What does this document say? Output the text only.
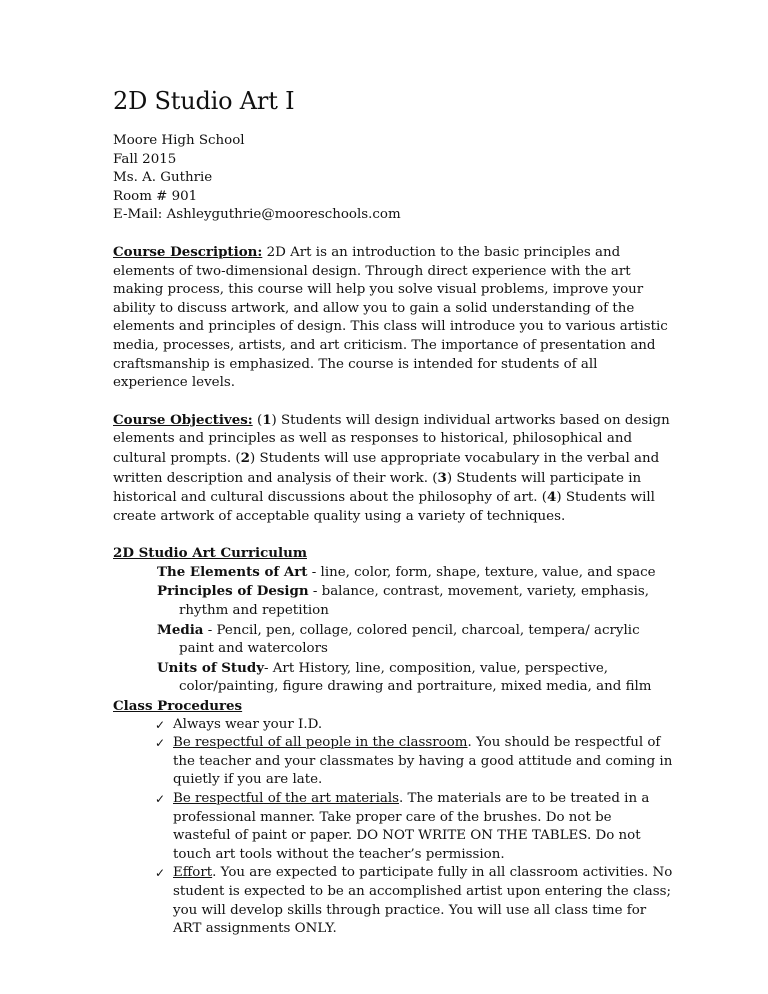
2D Studio Art I
Moore High School
Fall 2015
Ms. A. Guthrie
Room # 901
E-Mail: Ashleyguthrie@mooreschools.com

Course Description: 2D Art is an introduction to the basic principles and elements of two-dimensional design. Through direct experience with the art making process, this course will help you solve visual problems, improve your ability to discuss artwork, and allow you to gain a solid understanding of the elements and principles of design. This class will introduce you to various artistic media, processes, artists, and art criticism. The importance of presentation and craftsmanship is emphasized. The course is intended for students of all experience levels.

Course Objectives: (1) Students will design individual artworks based on design elements and principles as well as responses to historical, philosophical and cultural prompts. (2) Students will use appropriate vocabulary in the verbal and written description and analysis of their work. (3) Students will participate in historical and cultural discussions about the philosophy of art. (4) Students will create artwork of acceptable quality using a variety of techniques.

2D Studio Art Curriculum
The Elements of Art - line, color, form, shape, texture, value, and space
Principles of Design - balance, contrast, movement, variety, emphasis, rhythm and repetition
Media - Pencil, pen, collage, colored pencil, charcoal, tempera/ acrylic paint and watercolors
Units of Study- Art History, line, composition, value, perspective, color/painting, figure drawing and portraiture, mixed media, and film
Class Procedures
✓ Always wear your I.D.
✓ Be respectful of all people in the classroom. You should be respectful of the teacher and your classmates by having a good attitude and coming in quietly if you are late.
✓ Be respectful of the art materials. The materials are to be treated in a professional manner. Take proper care of the brushes. Do not be wasteful of paint or paper. DO NOT WRITE ON THE TABLES. Do not touch art tools without the teacher’s permission.
✓ Effort. You are expected to participate fully in all classroom activities. No student is expected to be an accomplished artist upon entering the class; you will develop skills through practice. You will use all class time for ART assignments ONLY.
